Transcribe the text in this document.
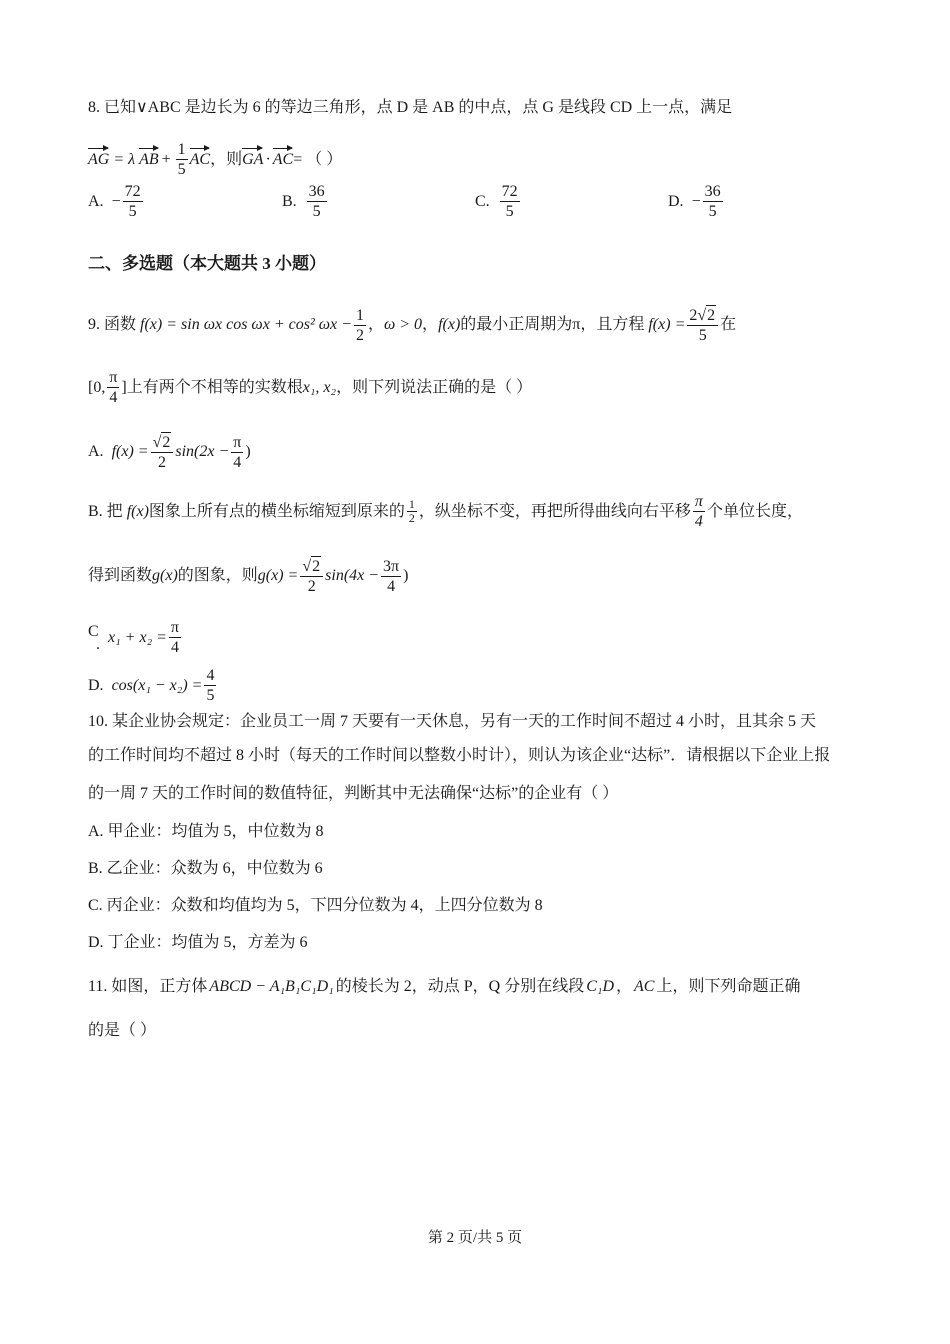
8. 已知∨ABC 是边长为 6 的等边三角形，点 D 是 AB 的中点，点 G 是线段 CD 上一点，满足
AG = λ AB + $\frac{1}{5}$ AC ，则 GA · AC = （ ）
A.
− $\frac{72}{5}$	B.
$\frac{36}{5}$	C.
$\frac{72}{5}$	D.
− $\frac{36}{5}$
二、多选题（本大题共 3 小题）
9. 函数
f(x) = sin ωx cos ωx + cos² $\omega x - \frac{1}{2}$ ， ω > 0 ， f(x) 的最小正周期为π，且方程 $f(x) = \frac{2√ 2}{5}$ 在
[0, $\frac{\pi}{4}$ ] 上有两个不相等的实数根 x₁, x₂ ，则下列说法正确的是（ ）
A.
$f(x) = \frac{√ 2}{2} \sin(2x - \frac{\pi}{4}$ )
B. 把
f(x) 图象上所有点的横坐标缩短到原来的 $\frac{1}{2}$ ，纵坐标不变，再把所得曲线向右平移 $\frac{\pi}{4}$ 个单位长度，
得到函数 g(x) 的图象，则 $g(x) = \frac{√ 2}{2} \sin(4x - \frac{3\pi}{4}$ )
C
.
$x_1 + x_2 = \frac{\pi}{4}$
D.
$\cos(x_1 - x_2) = \frac{4}{5}$
10. 某企业协会规定：企业员工一周 7 天要有一天休息，另有一天的工作时间不超过 4 小时，且其余 5 天
的工作时间均不超过 8 小时（每天的工作时间以整数小时计），则认为该企业“达标”．请根据以下企业上报
的一周 7 天的工作时间的数值特征，判断其中无法确保“达标”的企业有（ ）
A. 甲企业：均值为 5，中位数为 8
B. 乙企业：众数为 6，中位数为 6
C. 丙企业：众数和均值均为 5，下四分位数为 4，上四分位数为 8
D. 丁企业：均值为 5，方差为 6
11. 如图，正方体 ABCD − A₁B₁C₁D₁ 的棱长为 2，动点 P，Q 分别在线段 C₁D ， AC 上，则下列命题正确
的是（ ）
第 2 页/共 5 页
